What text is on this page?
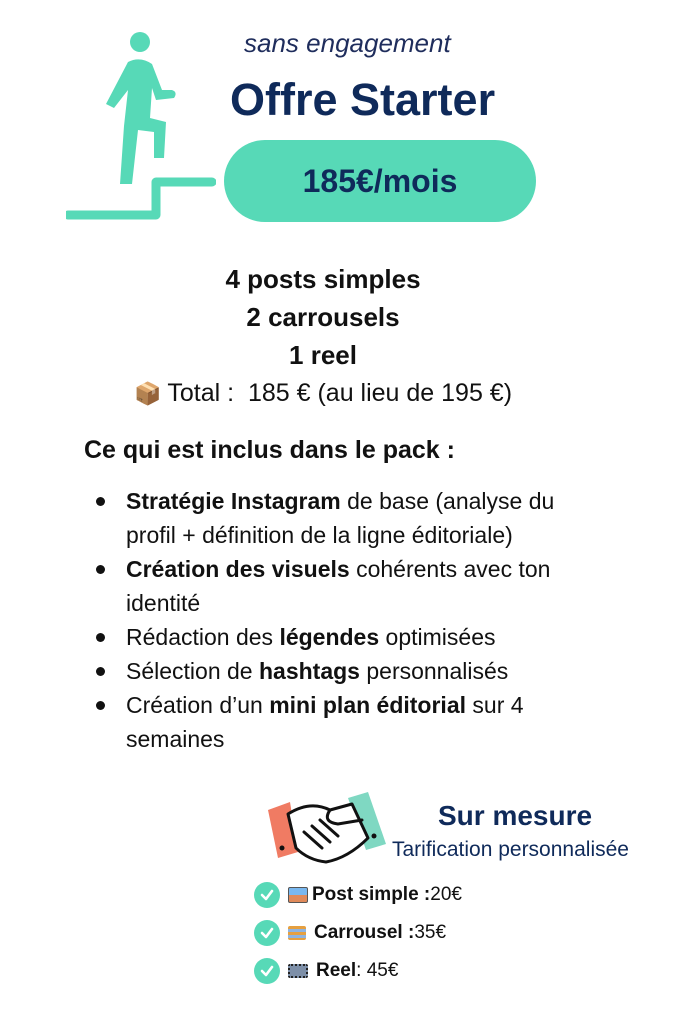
sans engagement
Offre Starter
185€/mois
4 posts simples
2 carrousels
1 reel
📦 Total : 185 € (au lieu de 195 €)
Ce qui est inclus dans le pack :
Stratégie Instagram de base (analyse du profil + définition de la ligne éditoriale)
Création des visuels cohérents avec ton identité
Rédaction des légendes optimisées
Sélection de hashtags personnalisés
Création d’un mini plan éditorial sur 4 semaines
Sur mesure
Tarification personnalisée
Post simple : 20€
Carrousel : 35€
Reel : 45€
